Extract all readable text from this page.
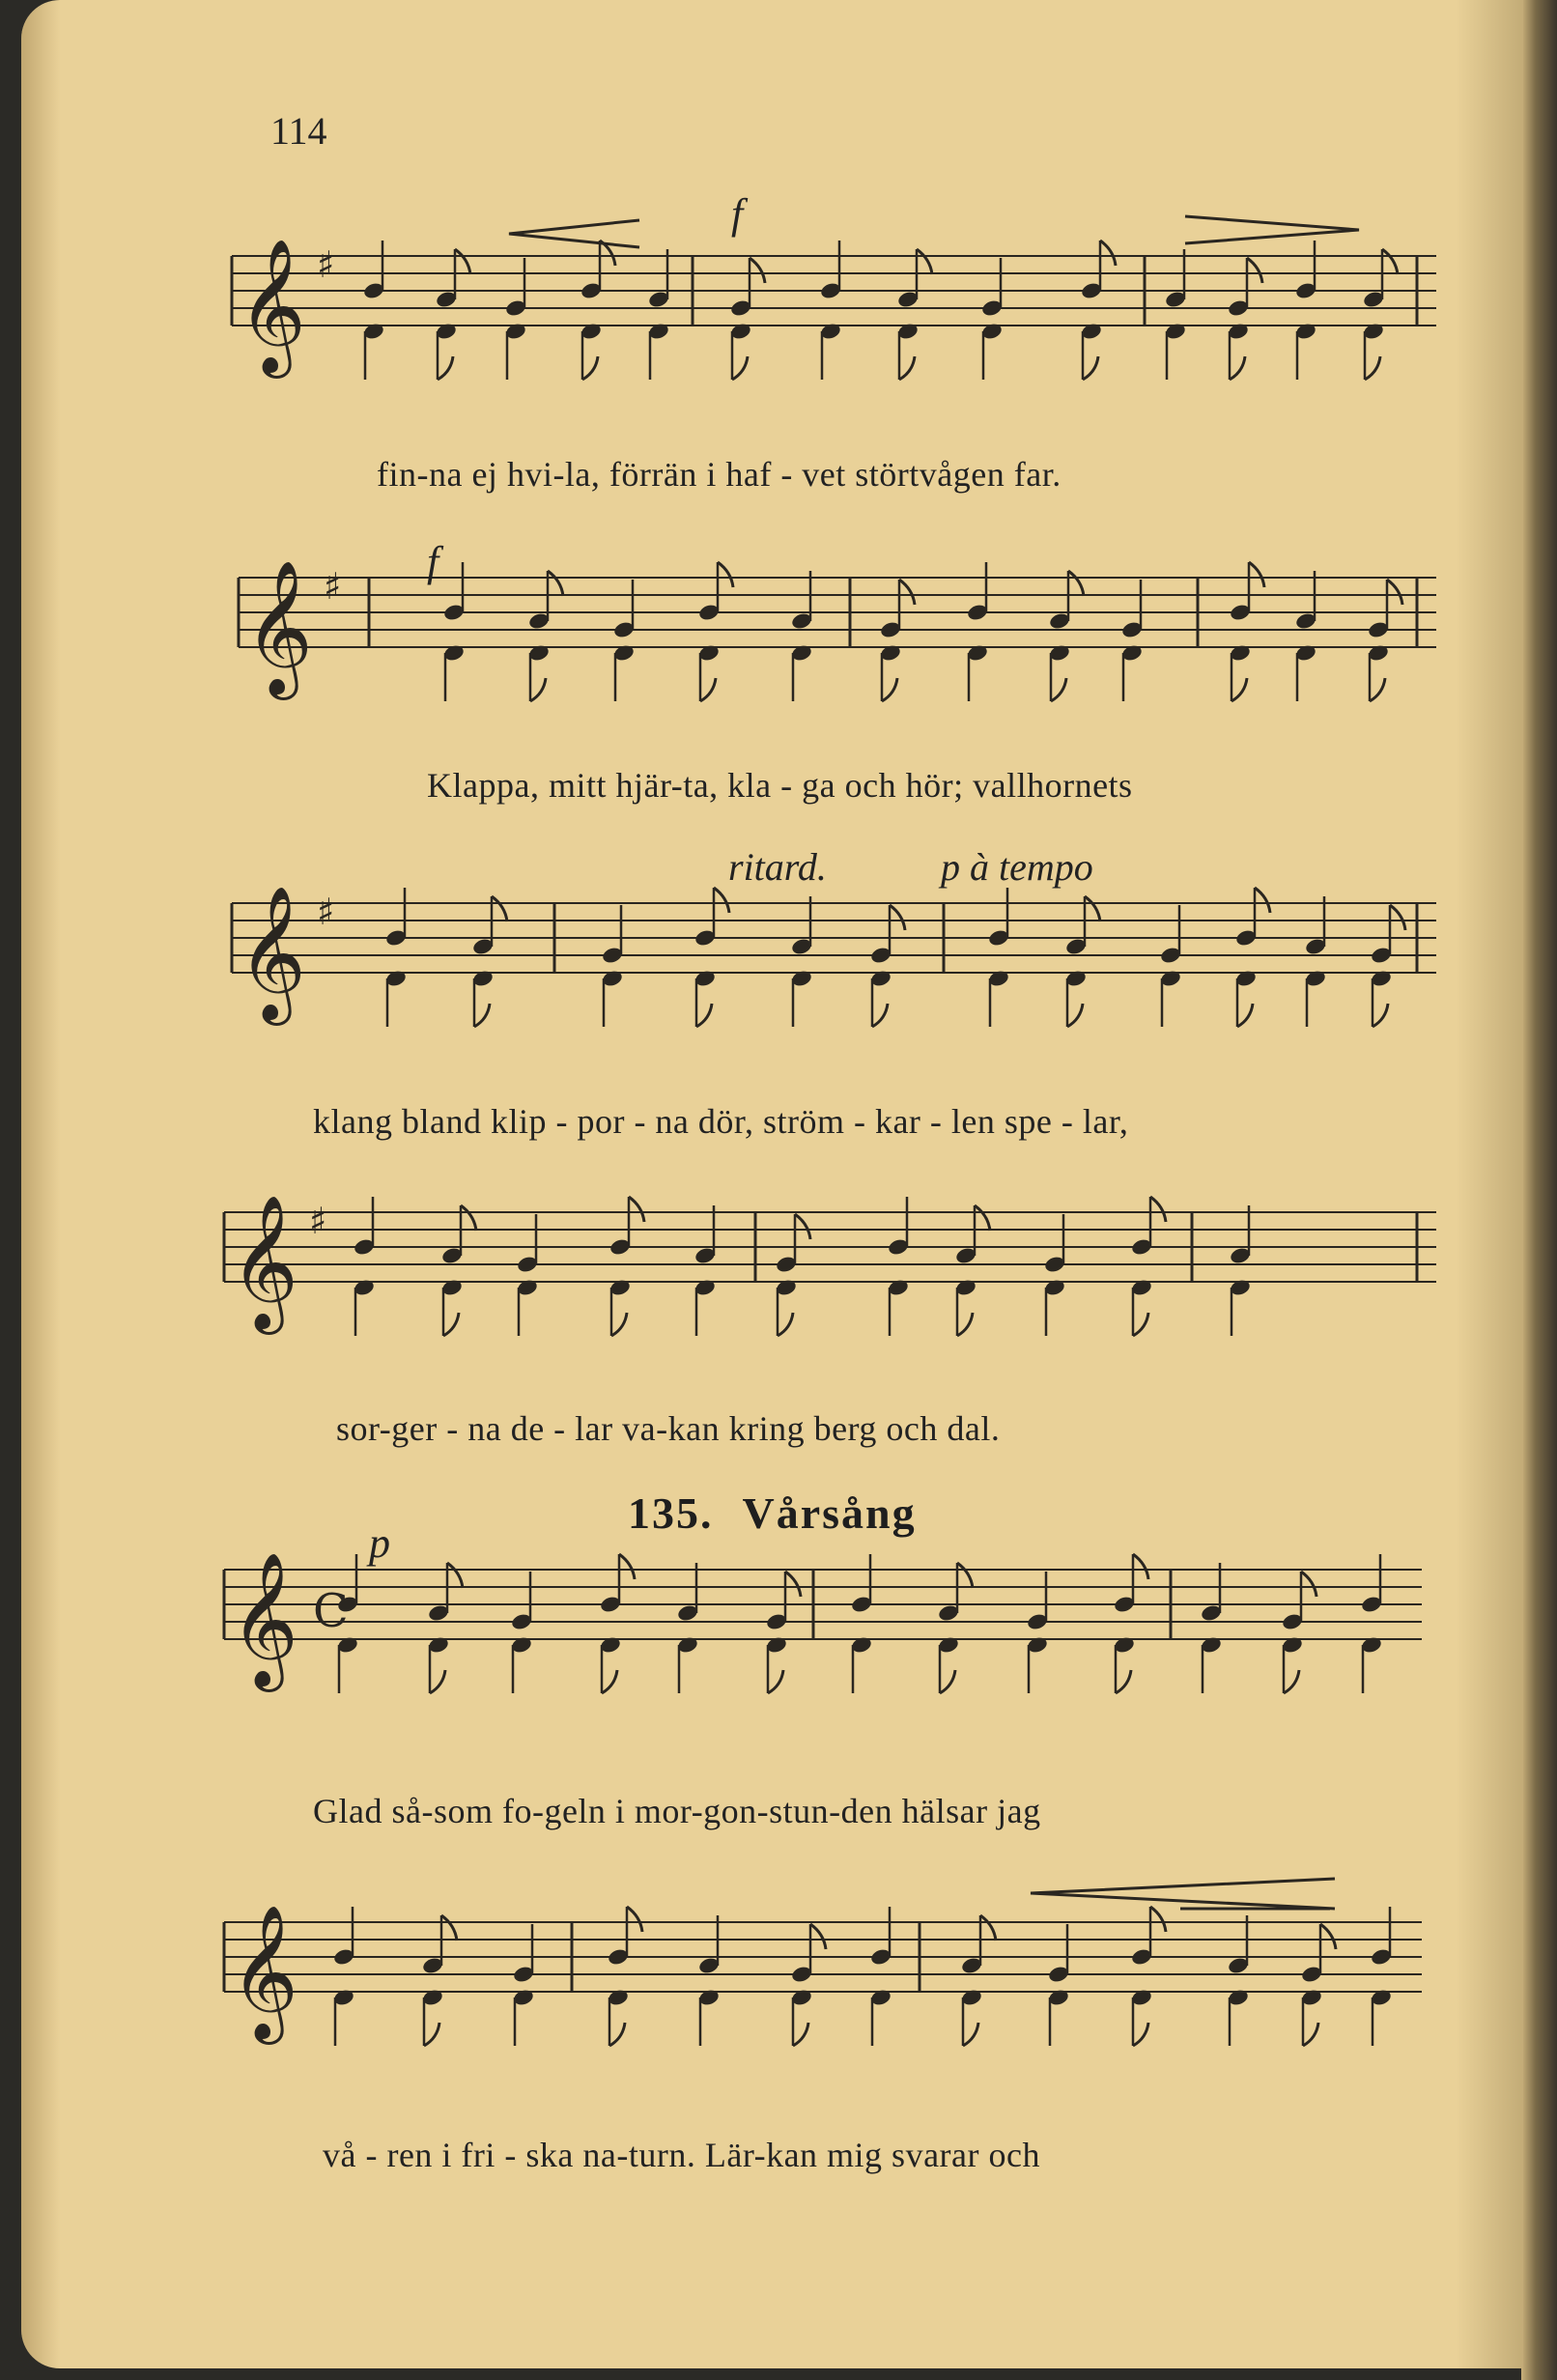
114
𝄞 ♯
𝄞 ♯
𝄞 ♯
𝄞 ♯
𝄞
𝄞
C
f
f
ritard.	p à tempo
p
fin-na ej hvi-la, förrän i haf - vet störtvågen far.
Klappa, mitt hjär-ta, kla - ga och hör; vallhornets
klang bland klip - por - na dör, ström - kar - len spe - lar,
sor-ger - na de - lar va-kan kring berg och dal.
135. Vårsång
Glad så-som fo-geln i mor-gon-stun-den hälsar jag
vå - ren i fri - ska na-turn. Lär-kan mig svarar och
